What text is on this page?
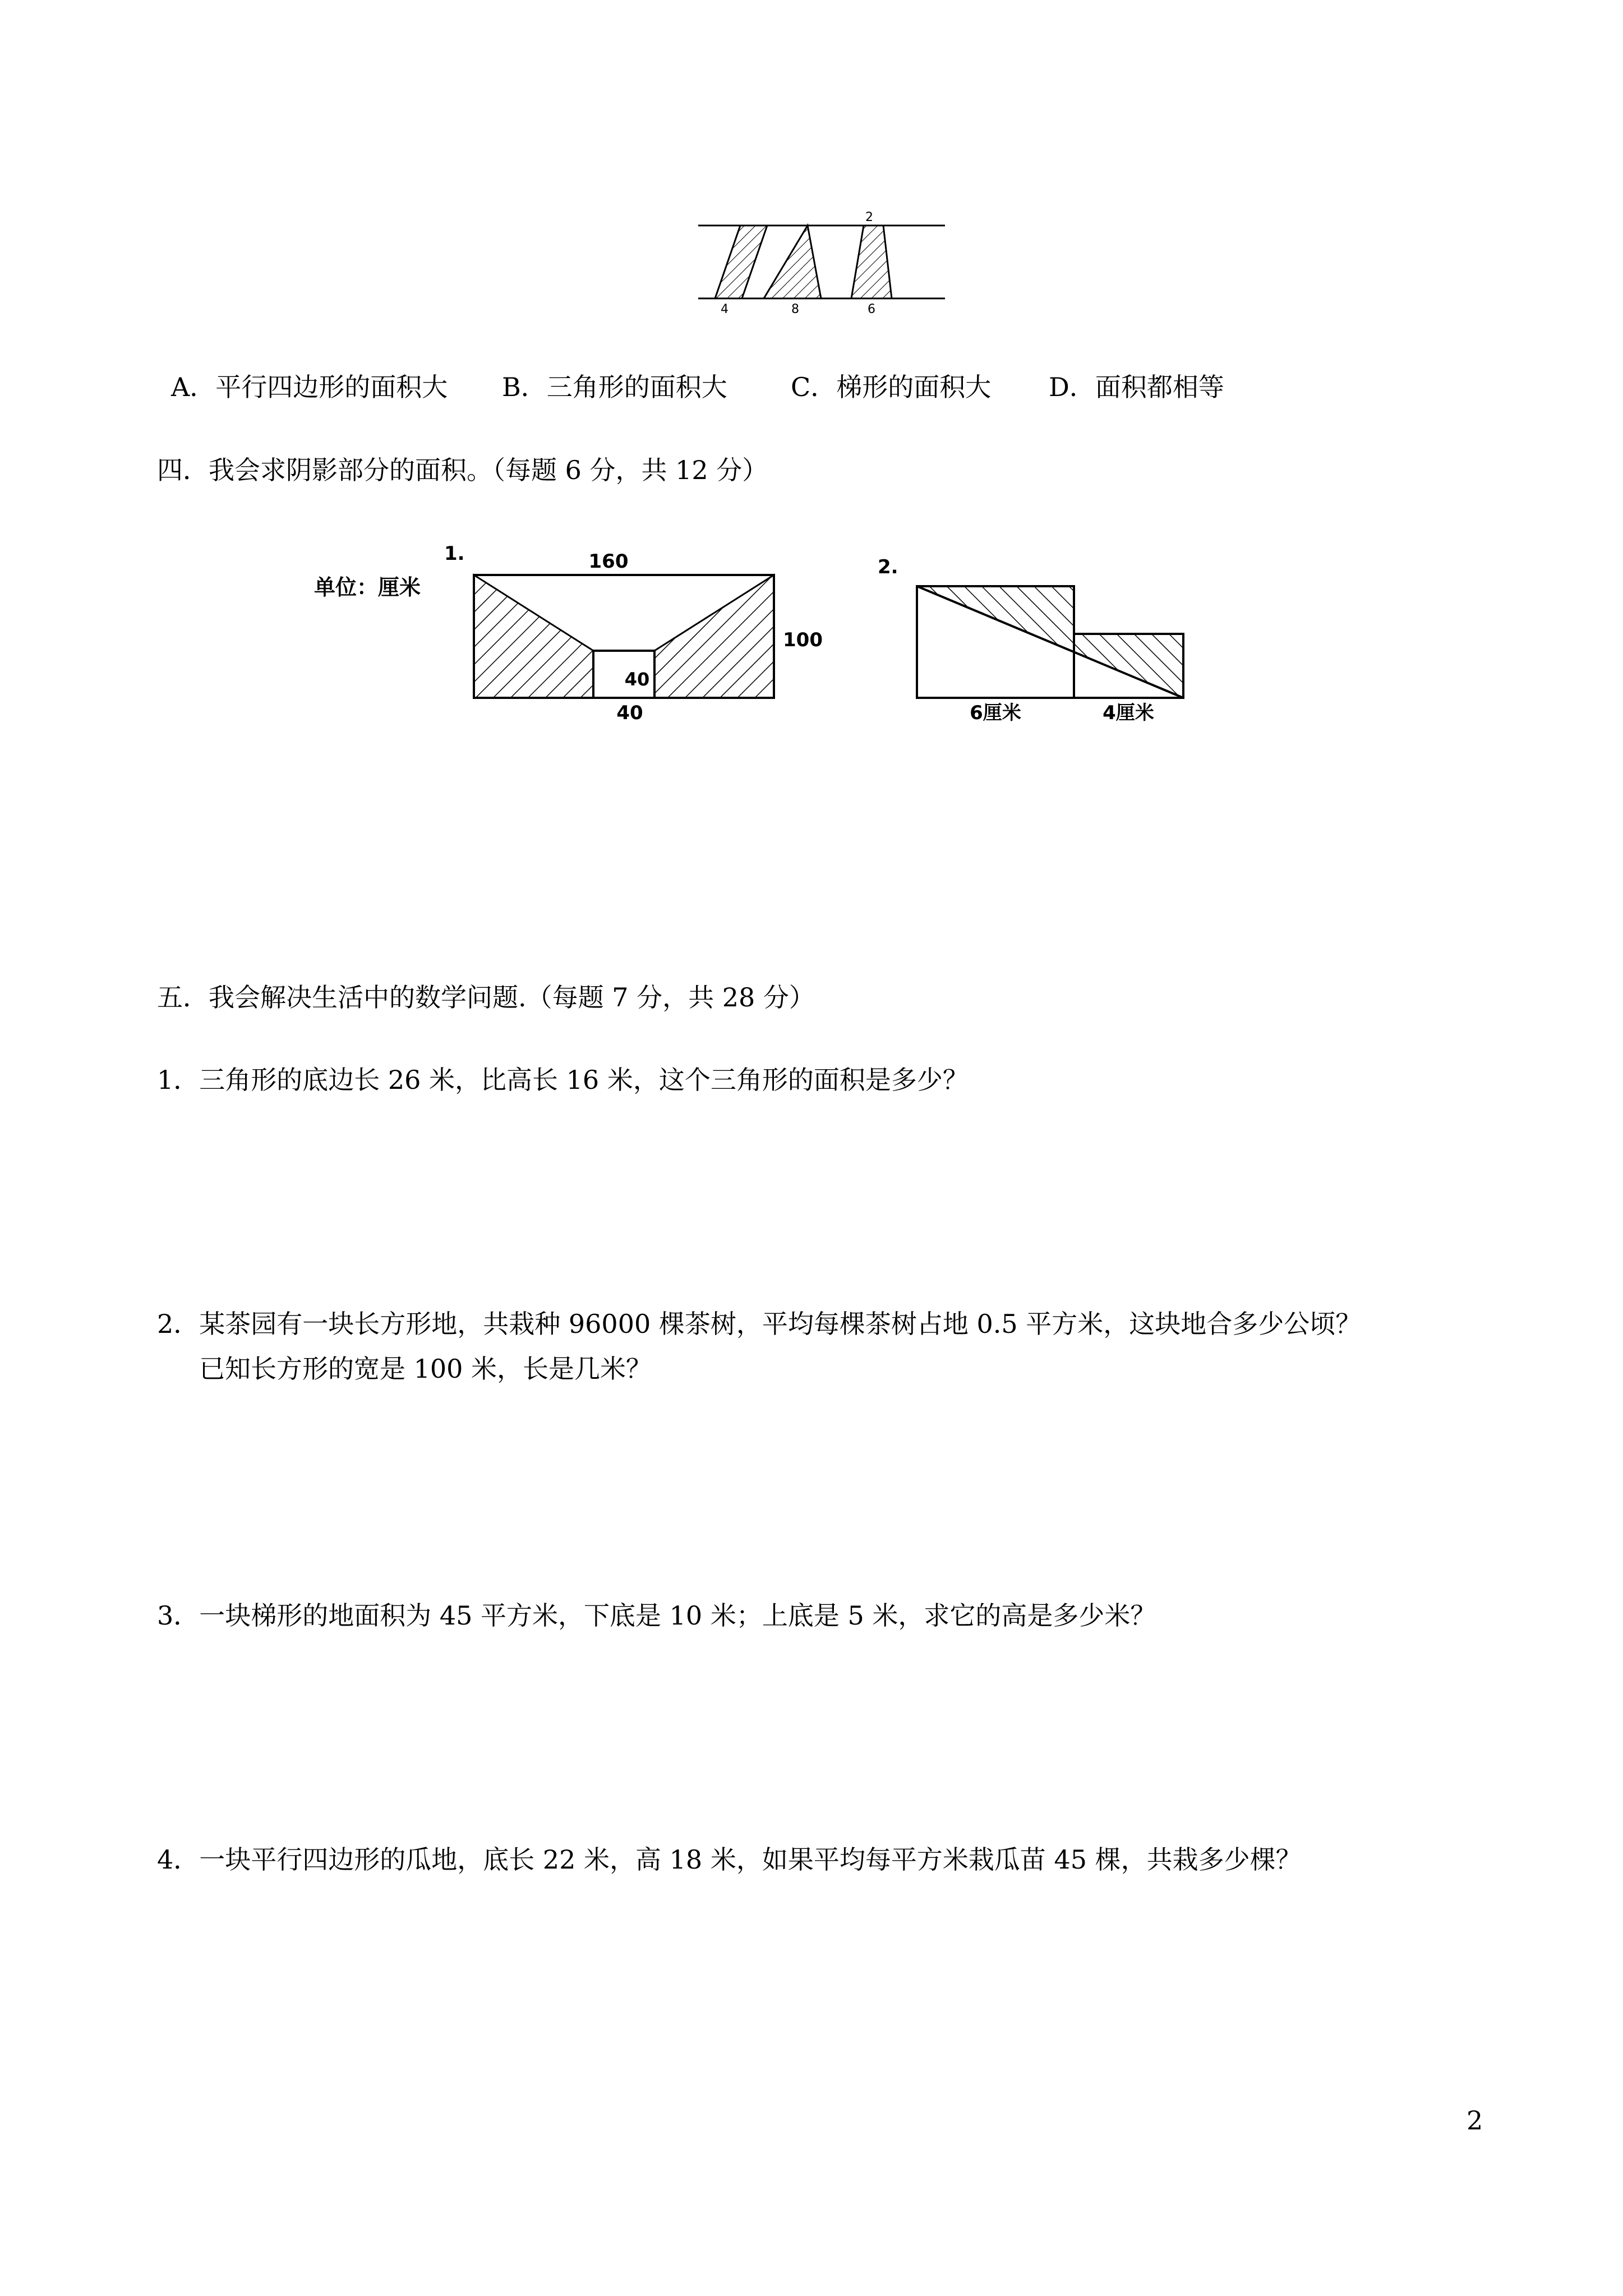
2
4	8	6
A．平行四边形的面积大 B．三角形的面积大 C．梯形的面积大 D．面积都相等
四．我会求阴影部分的面积。（每题 6 分，共 12 分）
1.
单位：厘米
160
40
100
40
2.
6厘米	4厘米
五．我会解决生活中的数学问题.（每题 7 分，共 28 分）
1．三角形的底边长 26 米，比高长 16 米，这个三角形的面积是多少？
2．某茶园有一块长方形地，共栽种 96000 棵茶树，平均每棵茶树占地 0.5 平方米，这块地合多少公顷？
已知长方形的宽是 100 米，长是几米？
3．一块梯形的地面积为 45 平方米，下底是 10 米；上底是 5 米，求它的高是多少米？
4．一块平行四边形的瓜地，底长 22 米，高 18 米，如果平均每平方米栽瓜苗 45 棵，共栽多少棵？
2
